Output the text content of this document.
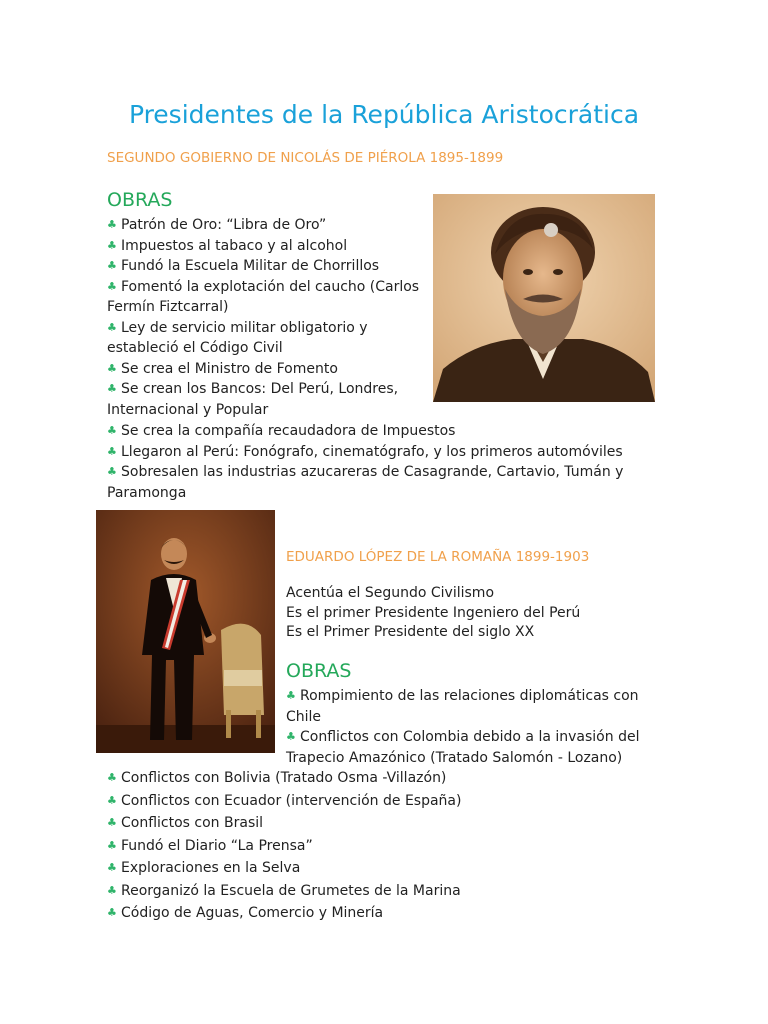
Presidentes de la República Aristocrática
SEGUNDO GOBIERNO DE NICOLÁS DE PIÉROLA 1895-1899
OBRAS
♣ Patrón de Oro: “Libra de Oro”
♣ Impuestos al tabaco y al alcohol
♣ Fundó la Escuela Militar de Chorrillos
♣ Fomentó la explotación del caucho (Carlos Fermín Fiztcarral)
♣ Ley de servicio militar obligatorio y estableció el Código Civil
♣ Se crea el Ministro de Fomento
♣ Se crean los Bancos: Del Perú, Londres, Internacional y Popular
♣ Se crea la compañía recaudadora de Impuestos
♣ Llegaron al Perú: Fonógrafo, cinematógrafo, y los primeros automóviles
♣ Sobresalen las industrias azucareras de Casagrande, Cartavio, Tumán y Paramonga
EDUARDO LÓPEZ DE LA ROMAÑA 1899-1903
Acentúa el Segundo Civilismo
Es el primer Presidente Ingeniero del Perú
Es el Primer Presidente del siglo XX
OBRAS
♣ Rompimiento de las relaciones diplomáticas con Chile
♣ Conflictos con Colombia debido a la invasión del Trapecio Amazónico (Tratado Salomón - Lozano)
♣ Conflictos con Bolivia (Tratado Osma -Villazón)
♣ Conflictos con Ecuador (intervención de España)
♣ Conflictos con Brasil
♣ Fundó el Diario “La Prensa”
♣ Exploraciones en la Selva
♣ Reorganizó la Escuela de Grumetes de la Marina
♣ Código de Aguas, Comercio y Minería
